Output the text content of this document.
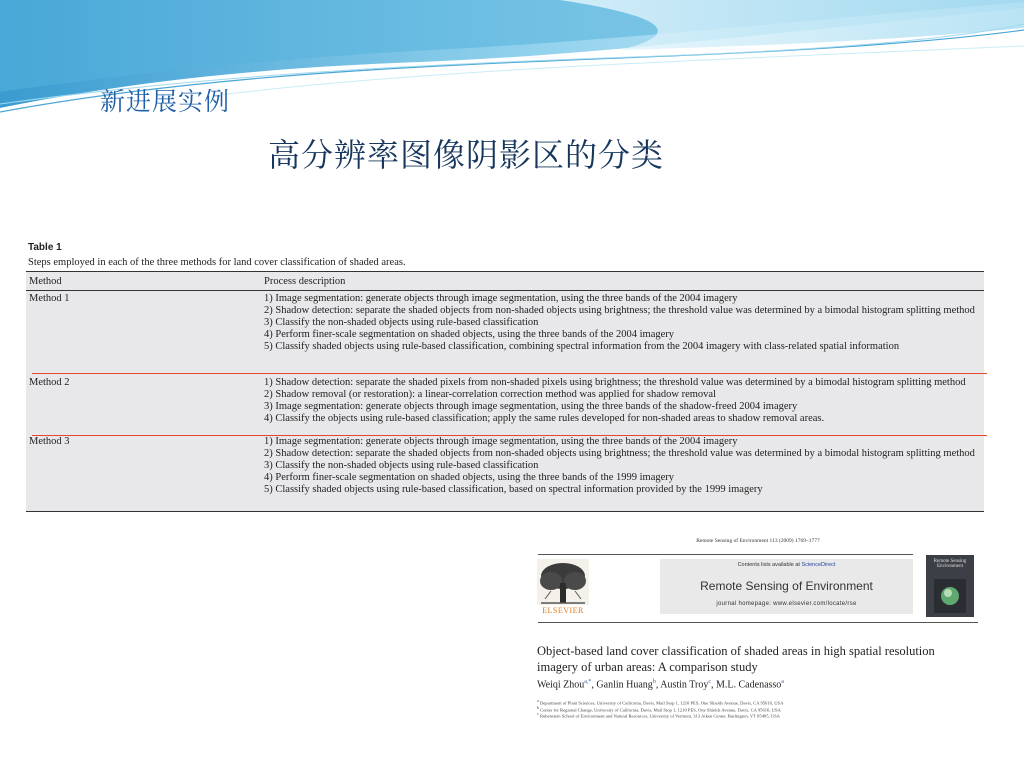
新进展实例
高分辨率图像阴影区的分类
Table 1
Steps employed in each of the three methods for land cover classification of shaded areas.
Method	Process description
Method 1	1) Image segmentation: generate objects through image segmentation, using the three bands of the 2004 imagery
2) Shadow detection: separate the shaded objects from non-shaded objects using brightness; the threshold value was determined by a bimodal histogram splitting method
3) Classify the non-shaded objects using rule-based classification
4) Perform finer-scale segmentation on shaded objects, using the three bands of the 2004 imagery
5) Classify shaded objects using rule-based classification, combining spectral information from the 2004 imagery with class-related spatial information
Method 2	1) Shadow detection: separate the shaded pixels from non-shaded pixels using brightness; the threshold value was determined by a bimodal histogram splitting method
2) Shadow removal (or restoration): a linear-correlation correction method was applied for shadow removal
3) Image segmentation: generate objects through image segmentation, using the three bands of the shadow-freed 2004 imagery
4) Classify the objects using rule-based classification; apply the same rules developed for non-shaded areas to shadow removal areas.
Method 3	1) Image segmentation: generate objects through image segmentation, using the three bands of the 2004 imagery
2) Shadow detection: separate the shaded objects from non-shaded objects using brightness; the threshold value was determined by a bimodal histogram splitting method
3) Classify the non-shaded objects using rule-based classification
4) Perform finer-scale segmentation on shaded objects, using the three bands of the 1999 imagery
5) Classify shaded objects using rule-based classification, based on spectral information provided by the 1999 imagery
Remote Sensing of Environment 113 (2009) 1769–1777
ELSEVIER
Contents lists available at ScienceDirect
Remote Sensing of Environment
journal homepage: www.elsevier.com/locate/rse
Remote Sensing Environment
Object-based land cover classification of shaded areas in high spatial resolution imagery of urban areas: A comparison study
Weiqi Zhou$^{a,*}$, Ganlin Huang$^b$, Austin Troy$^c$, M.L. Cadenasso$^a$
$^a$ Department of Plant Sciences, University of California, Davis, Mail Stop 1, 1210 PES, One Shields Avenue, Davis, CA 95616, USA
$^b$ Center for Regional Change, University of California, Davis, Mail Stop 1, 1210 PES, One Shields Avenue, Davis, CA 95616, USA
$^c$ Rubenstein School of Environment and Natural Resources, University of Vermont, 313 Aiken Center, Burlington, VT 05405, USA
